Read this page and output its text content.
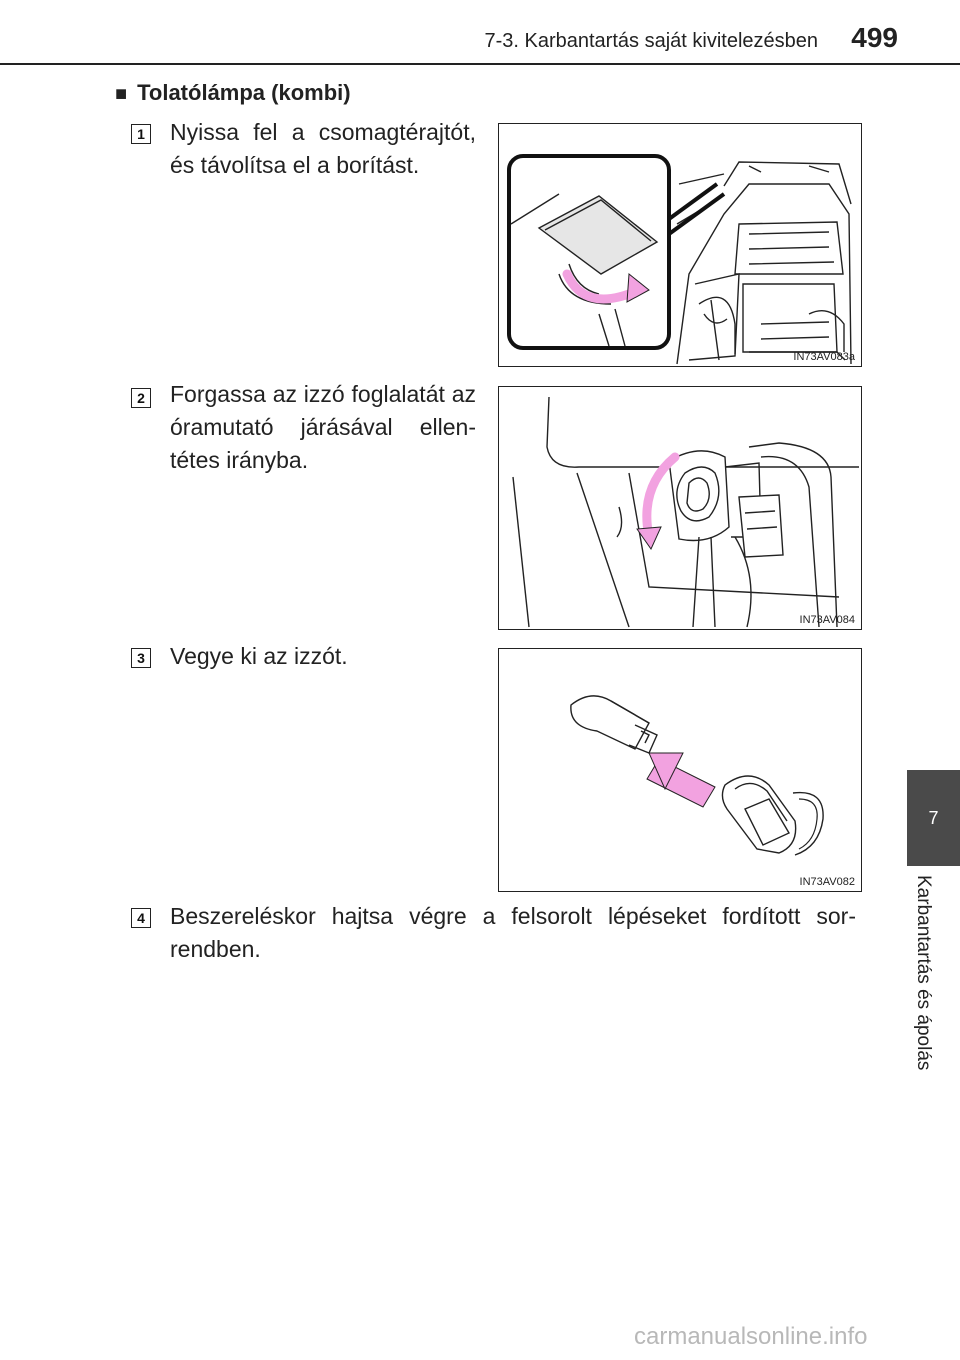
7-3. Karbantartás saját kivitelezésben 499
7
Karbantartás és ápolás
■ Tolatólámpa (kombi)
1 Nyissa fel a csomagtérajtót, és távolítsa el a borítást.
IN73AV083a
2 Forgassa az izzó foglalatát az óramutató járásával ellen-tétes irányba.
IN73AV084
3 Vegye ki az izzót.
IN73AV082
4 Beszereléskor hajtsa végre a felsorolt lépéseket fordított sor-rendben.
carmanualsonline.info
